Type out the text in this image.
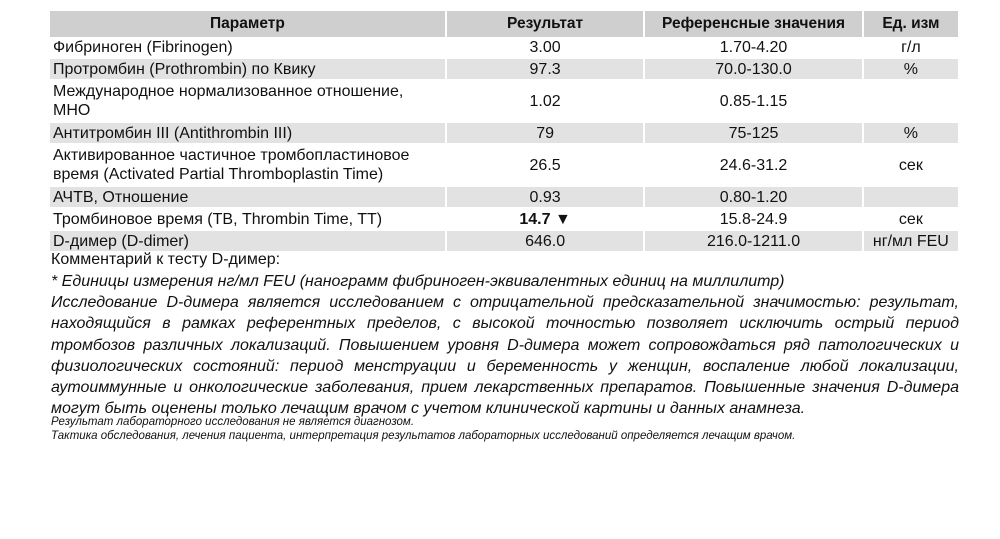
Параметр	Результат	Референсные значения	Ед. изм
Фибриноген (Fibrinogen)	3.00	1.70-4.20	г/л
Протромбин (Prothrombin) по Квику	97.3	70.0-130.0	%
Международное нормализованное отношение, МНО	1.02	0.85-1.15	
Антитромбин III (Antithrombin III)	79	75-125	%
Активированное частичное тромбопластиновое время (Activated Partial Thromboplastin Time)	26.5	24.6-31.2	сек
АЧТВ, Отношение	0.93	0.80-1.20	
Тромбиновое время (ТВ, Thrombin Time, TT)	14.7 ▼	15.8-24.9	сек
D-димер (D-dimer)	646.0	216.0-1211.0	нг/мл FEU
Комментарий к тесту D-димер:
* Единицы измерения нг/мл FEU (нанограмм фибриноген-эквивалентных единиц на миллилитр)
Исследование D-димера является исследованием с отрицательной предсказательной значимостью: результат, находящийся в рамках референтных пределов, с высокой точностью позволяет исключить острый период тромбозов различных локализаций. Повышением уровня D-димера может сопровождаться ряд патологических и физиологических состояний: период менструации и беременность у женщин, воспаление любой локализации, аутоиммунные и онкологические заболевания, прием лекарственных препаратов. Повышенные значения D-димера могут быть оценены только лечащим врачом с учетом клинической картины и данных анамнеза.
Результат лабораторного исследования не является диагнозом.
Тактика обследования, лечения пациента, интерпретация результатов лабораторных исследований определяется лечащим врачом.
